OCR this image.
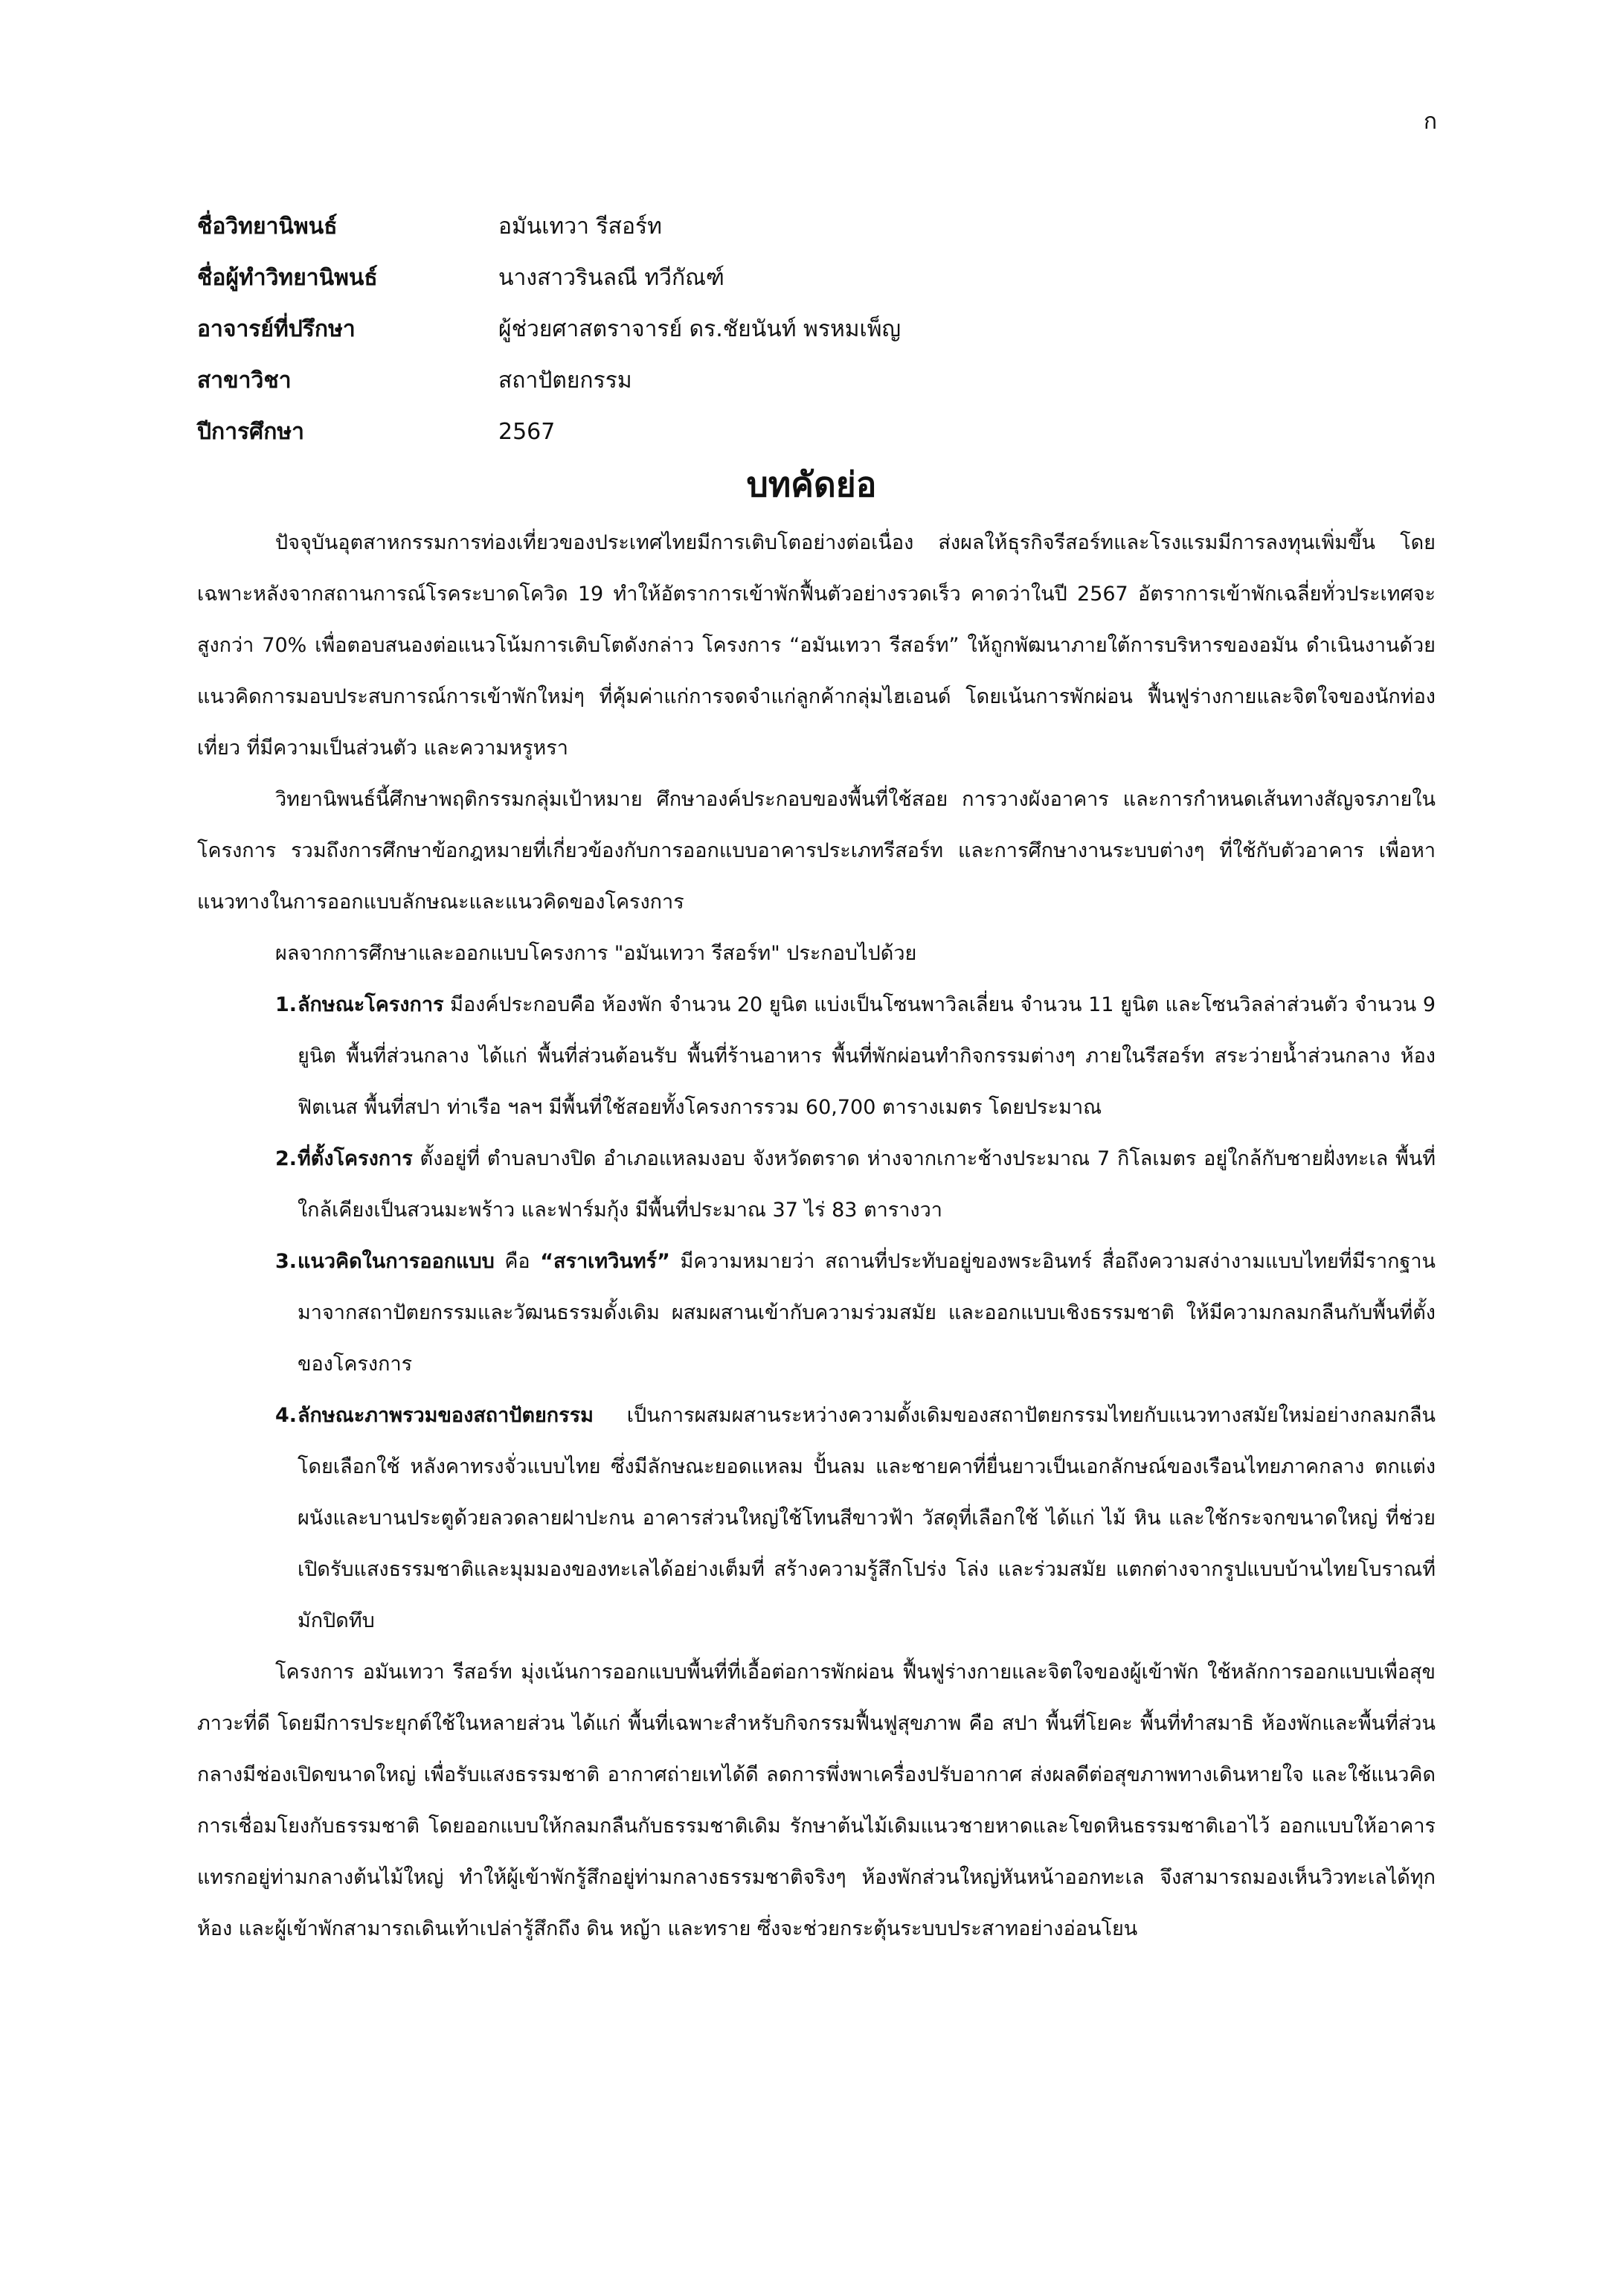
ก
ชื่อวิทยานิพนธ์	อมันเทวา รีสอร์ท
ชื่อผู้ทำวิทยานิพนธ์	นางสาวรินลณี ทวีกัณฑ์
อาจารย์ที่ปรึกษา	ผู้ช่วยศาสตราจารย์ ดร.ชัยนันท์ พรหมเพ็ญ
สาขาวิชา	สถาปัตยกรรม
ปีการศึกษา	2567
บทคัดย่อ

ปัจจุบันอุตสาหกรรมการท่องเที่ยวของประเทศไทยมีการเติบโตอย่างต่อเนื่อง ส่งผลให้ธุรกิจรีสอร์ทและโรงแรมมีการลงทุนเพิ่มขึ้น โดยเฉพาะหลังจากสถานการณ์โรคระบาดโควิด 19 ทำให้อัตราการเข้าพักฟื้นตัวอย่างรวดเร็ว คาดว่าในปี 2567 อัตราการเข้าพักเฉลี่ยทั่วประเทศจะสูงกว่า 70% เพื่อตอบสนองต่อแนวโน้มการเติบโตดังกล่าว โครงการ “อมันเทวา รีสอร์ท” ให้ถูกพัฒนาภายใต้การบริหารของอมัน ดำเนินงานด้วยแนวคิดการมอบประสบการณ์การเข้าพักใหม่ๆ ที่คุ้มค่าแก่การจดจำแก่ลูกค้ากลุ่มไฮเอนด์ โดยเน้นการพักผ่อน ฟื้นฟูร่างกายและจิตใจของนักท่องเที่ยว ที่มีความเป็นส่วนตัว และความหรูหรา

วิทยานิพนธ์นี้ศึกษาพฤติกรรมกลุ่มเป้าหมาย ศึกษาองค์ประกอบของพื้นที่ใช้สอย การวางผังอาคาร และการกำหนดเส้นทางสัญจรภายในโครงการ รวมถึงการศึกษาข้อกฎหมายที่เกี่ยวข้องกับการออกแบบอาคารประเภทรีสอร์ท และการศึกษางานระบบต่างๆ ที่ใช้กับตัวอาคาร เพื่อหาแนวทางในการออกแบบลักษณะและแนวคิดของโครงการ

ผลจากการศึกษาและออกแบบโครงการ "อมันเทวา รีสอร์ท" ประกอบไปด้วย

1. ลักษณะโครงการ มีองค์ประกอบคือ ห้องพัก จำนวน 20 ยูนิต แบ่งเป็นโซนพาวิลเลี่ยน จำนวน 11 ยูนิต และโซนวิลล่าส่วนตัว จำนวน 9 ยูนิต พื้นที่ส่วนกลาง ได้แก่ พื้นที่ส่วนต้อนรับ พื้นที่ร้านอาหาร พื้นที่พักผ่อนทำกิจกรรมต่างๆ ภายในรีสอร์ท สระว่ายน้ำส่วนกลาง ห้องฟิตเนส พื้นที่สปา ท่าเรือ ฯลฯ มีพื้นที่ใช้สอยทั้งโครงการรวม 60,700 ตารางเมตร โดยประมาณ
2. ที่ตั้งโครงการ ตั้งอยู่ที่ ตำบลบางปิด อำเภอแหลมงอบ จังหวัดตราด ห่างจากเกาะช้างประมาณ 7 กิโลเมตร อยู่ใกล้กับชายฝั่งทะเล พื้นที่ใกล้เคียงเป็นสวนมะพร้าว และฟาร์มกุ้ง มีพื้นที่ประมาณ 37 ไร่ 83 ตารางวา
3. แนวคิดในการออกแบบ คือ “สราเทวินทร์” มีความหมายว่า สถานที่ประทับอยู่ของพระอินทร์ สื่อถึงความสง่างามแบบไทยที่มีรากฐานมาจากสถาปัตยกรรมและวัฒนธรรมดั้งเดิม ผสมผสานเข้ากับความร่วมสมัย และออกแบบเชิงธรรมชาติ ให้มีความกลมกลืนกับพื้นที่ตั้งของโครงการ
4. ลักษณะภาพรวมของสถาปัตยกรรม เป็นการผสมผสานระหว่างความดั้งเดิมของสถาปัตยกรรมไทยกับแนวทางสมัยใหม่อย่างกลมกลืน โดยเลือกใช้ หลังคาทรงจั่วแบบไทย ซึ่งมีลักษณะยอดแหลม ปั้นลม และชายคาที่ยื่นยาวเป็นเอกลักษณ์ของเรือนไทยภาคกลาง ตกแต่งผนังและบานประตูด้วยลวดลายฝาปะกน อาคารส่วนใหญ่ใช้โทนสีขาวฟ้า วัสดุที่เลือกใช้ ได้แก่ ไม้ หิน และใช้กระจกขนาดใหญ่ ที่ช่วยเปิดรับแสงธรรมชาติและมุมมองของทะเลได้อย่างเต็มที่ สร้างความรู้สึกโปร่ง โล่ง และร่วมสมัย แตกต่างจากรูปแบบบ้านไทยโบราณที่มักปิดทึบ

โครงการ อมันเทวา รีสอร์ท มุ่งเน้นการออกแบบพื้นที่ที่เอื้อต่อการพักผ่อน ฟื้นฟูร่างกายและจิตใจของผู้เข้าพัก ใช้หลักการออกแบบเพื่อสุขภาวะที่ดี โดยมีการประยุกต์ใช้ในหลายส่วน ได้แก่ พื้นที่เฉพาะสำหรับกิจกรรมฟื้นฟูสุขภาพ คือ สปา พื้นที่โยคะ พื้นที่ทำสมาธิ ห้องพักและพื้นที่ส่วนกลางมีช่องเปิดขนาดใหญ่ เพื่อรับแสงธรรมชาติ อากาศถ่ายเทได้ดี ลดการพึ่งพาเครื่องปรับอากาศ ส่งผลดีต่อสุขภาพทางเดินหายใจ และใช้แนวคิดการเชื่อมโยงกับธรรมชาติ โดยออกแบบให้กลมกลืนกับธรรมชาติเดิม รักษาต้นไม้เดิมแนวชายหาดและโขดหินธรรมชาติเอาไว้ ออกแบบให้อาคารแทรกอยู่ท่ามกลางต้นไม้ใหญ่ ทำให้ผู้เข้าพักรู้สึกอยู่ท่ามกลางธรรมชาติจริงๆ ห้องพักส่วนใหญ่หันหน้าออกทะเล จึงสามารถมองเห็นวิวทะเลได้ทุกห้อง และผู้เข้าพักสามารถเดินเท้าเปล่ารู้สึกถึง ดิน หญ้า และทราย ซึ่งจะช่วยกระตุ้นระบบประสาทอย่างอ่อนโยน
